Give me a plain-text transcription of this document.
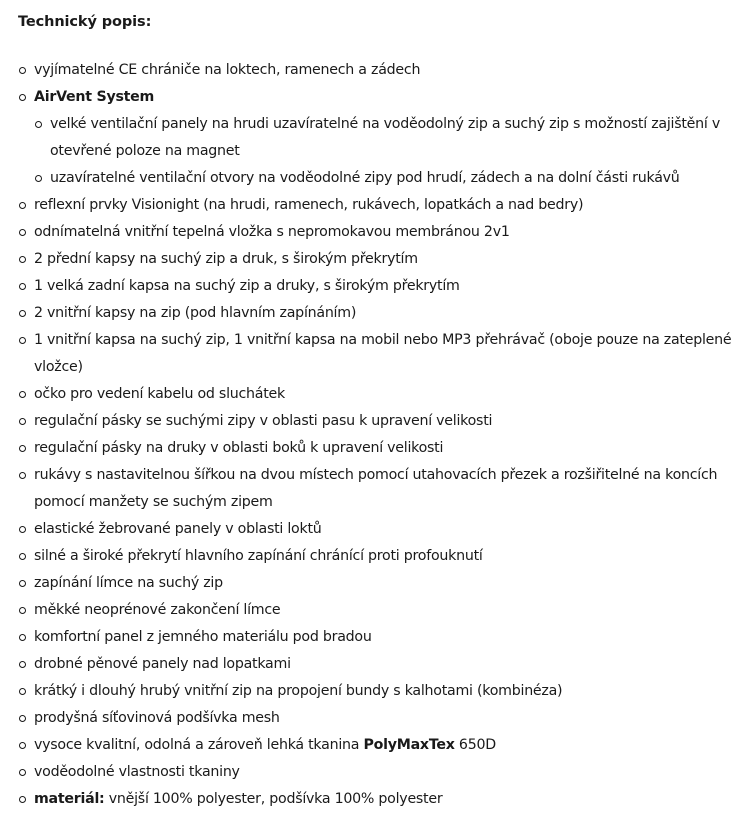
Technický popis:
vyjímatelné CE chrániče na loktech, ramenech a zádech
AirVent System
velké ventilační panely na hrudi uzavíratelné na voděodolný zip a suchý zip s možností zajištění v otevřené poloze na magnet
uzavíratelné ventilační otvory na voděodolné zipy pod hrudí, zádech a na dolní části rukávů
reflexní prvky Visionight (na hrudi, ramenech, rukávech, lopatkách a nad bedry)
odnímatelná vnitřní tepelná vložka s nepromokavou membránou 2v1
2 přední kapsy na suchý zip a druk, s širokým překrytím
1 velká zadní kapsa na suchý zip a druky, s širokým překrytím
2 vnitřní kapsy na zip (pod hlavním zapínáním)
1 vnitřní kapsa na suchý zip, 1 vnitřní kapsa na mobil nebo MP3 přehrávač (oboje pouze na zateplené vložce)
očko pro vedení kabelu od sluchátek
regulační pásky se suchými zipy v oblasti pasu k upravení velikosti
regulační pásky na druky v oblasti boků k upravení velikosti
rukávy s nastavitelnou šířkou na dvou místech pomocí utahovacích přezek a rozšiřitelné na koncích pomocí manžety se suchým zipem
elastické žebrované panely v oblasti loktů
silné a široké překrytí hlavního zapínání chránící proti profouknutí
zapínání límce na suchý zip
měkké neoprénové zakončení límce
komfortní panel z jemného materiálu pod bradou
drobné pěnové panely nad lopatkami
krátký i dlouhý hrubý vnitřní zip na propojení bundy s kalhotami (kombinéza)
prodyšná síťovinová podšívka mesh
vysoce kvalitní, odolná a zároveň lehká tkanina PolyMaxTex 650D
voděodolné vlastnosti tkaniny
materiál: vnější 100% polyester, podšívka 100% polyester
